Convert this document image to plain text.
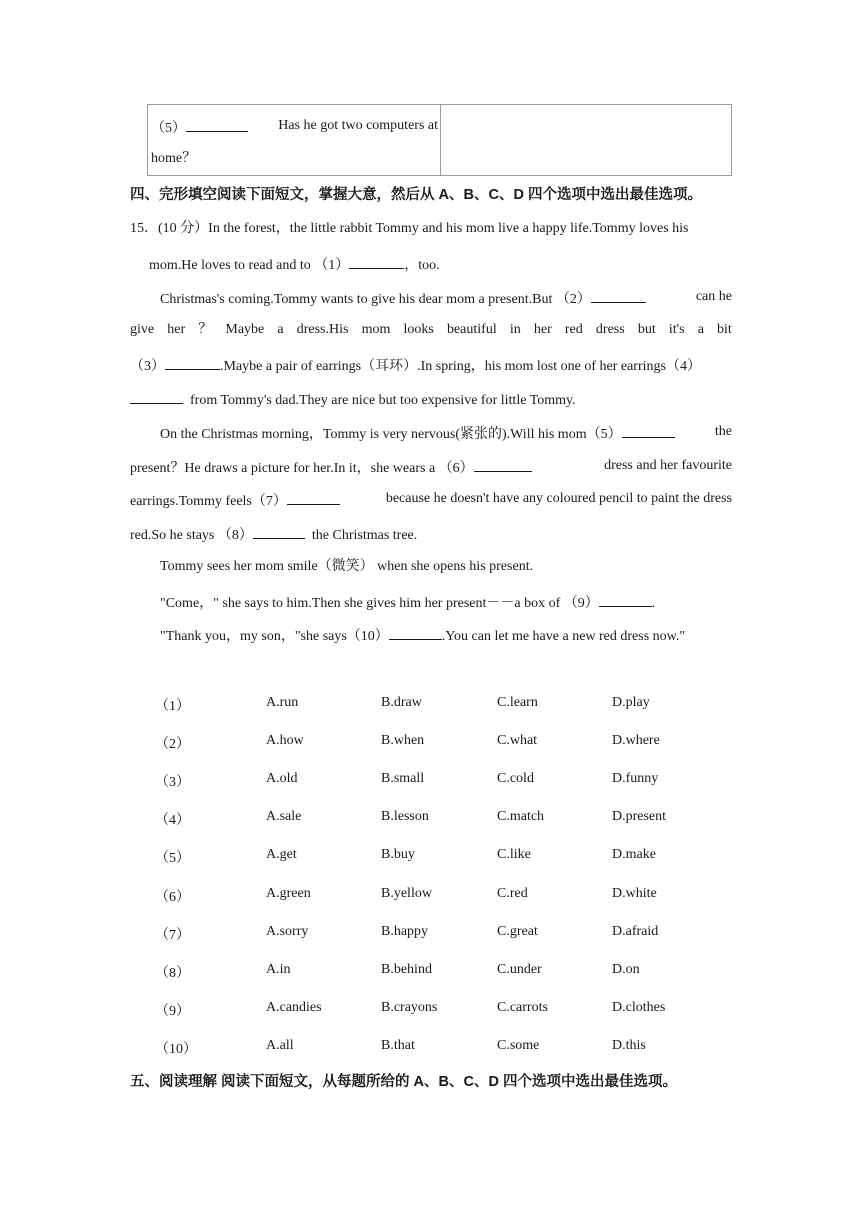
（5）	Has he got two computers at
home？
四、完形填空阅读下面短文，掌握大意，然后从 A、B、C、D 四个选项中选出最佳选项。
15．(10 分）In the forest，the little rabbit Tommy and his mom live a happy life.Tommy loves his
mom.He loves to read and to （1）	，too.
Christmas's coming.Tommy wants to give his dear mom a present.But （2）	can he
give her ？ Maybe a dress.His mom looks beautiful in her red dress but it's a bit
（3）	.Maybe a pair of earrings（耳环）.In spring，his mom lost one of her earrings（4）
from Tommy's dad.They are nice but too expensive for little Tommy.
On the Christmas morning，Tommy is very nervous(紧张的).Will his mom（5）	the
present？He draws a picture for her.In it，she wears a （6）	dress and her favourite
earrings.Tommy feels（7）	because he doesn't have any coloured pencil to paint the dress
red.So he stays （8）	the Christmas tree.
Tommy sees her mom smile（微笑） when she opens his present.
"Come，" she says to him.Then she gives him her present－－a box of （9）	.
"Thank you，my son，"she says（10）	.You can let me have a new red dress now."
（1）	A.run	B.draw	C.learn	D.play
（2）	A.how	B.when	C.what	D.where
（3）	A.old	B.small	C.cold	D.funny
（4）	A.sale	B.lesson	C.match	D.present
（5）	A.get	B.buy	C.like	D.make
（6）	A.green	B.yellow	C.red	D.white
（7）	A.sorry	B.happy	C.great	D.afraid
（8）	A.in	B.behind	C.under	D.on
（9）	A.candies	B.crayons	C.carrots	D.clothes
（10）	A.all	B.that	C.some	D.this
五、阅读理解 阅读下面短文，从每题所给的 A、B、C、D 四个选项中选出最佳选项。
